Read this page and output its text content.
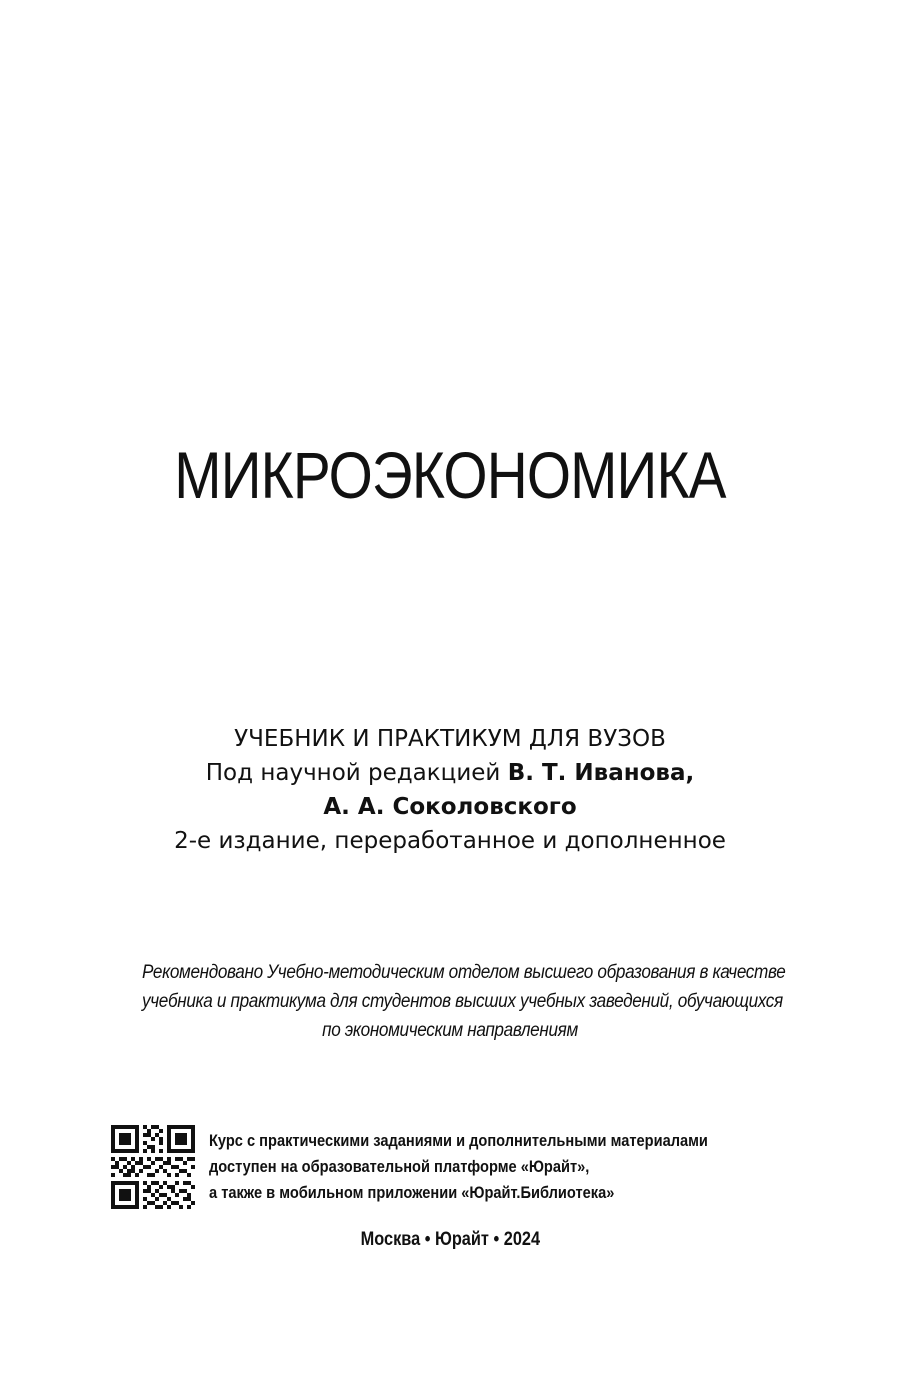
МИКРОЭКОНОМИКА
УЧЕБНИК И ПРАКТИКУМ ДЛЯ ВУЗОВ
Под научной редакцией В. Т. Иванова,
А. А. Соколовского
2-е издание, переработанное и дополненное
Рекомендовано Учебно-методическим отделом высшего образования в качестве
учебника и практикума для студентов высших учебных заведений, обучающихся
по экономическим направлениям
Курс с практическими заданиями и дополнительными материалами
доступен на образовательной платформе «Юрайт»,
а также в мобильном приложении «Юрайт.Библиотека»
Москва • Юрайт • 2024
